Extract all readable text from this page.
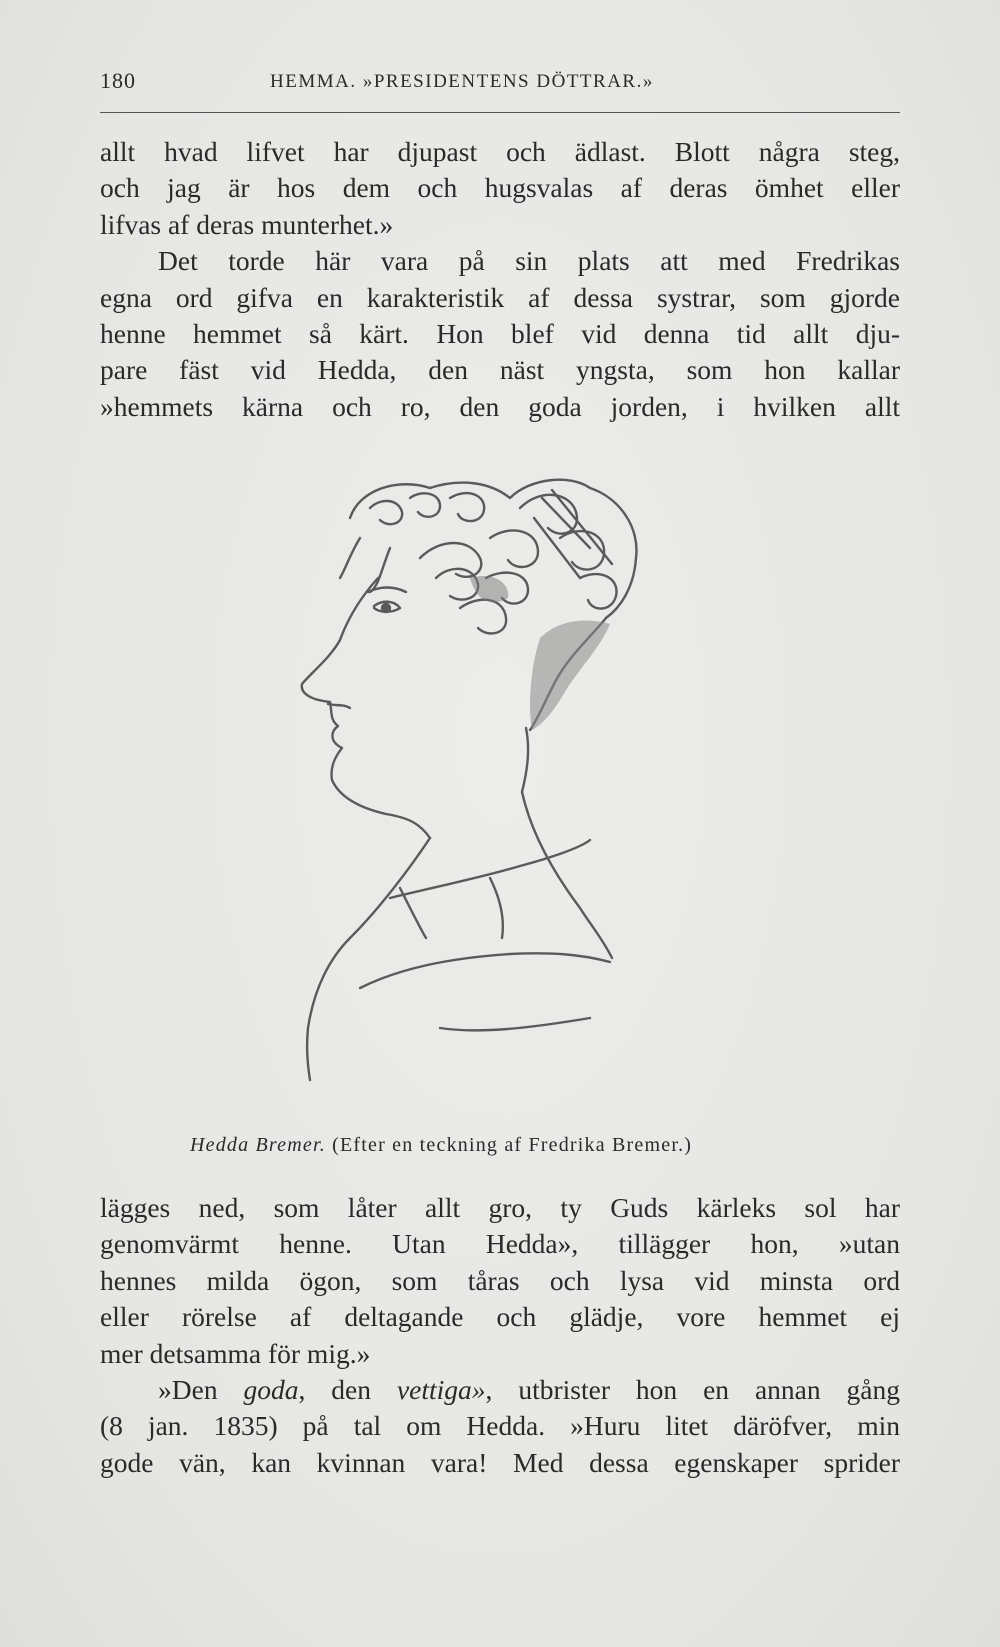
180	HEMMA. »PRESIDENTENS DÖTTRAR.»
allt hvad lifvet har djupast och ädlast. Blott några steg,
och jag är hos dem och hugsvalas af deras ömhet eller
lifvas af deras munterhet.»
Det torde här vara på sin plats att med Fredrikas
egna ord gifva en karakteristik af dessa systrar, som gjorde
henne hemmet så kärt. Hon blef vid denna tid allt dju-
pare fäst vid Hedda, den näst yngsta, som hon kallar
»hemmets kärna och ro, den goda jorden, i hvilken allt
Hedda Bremer. (Efter en teckning af Fredrika Bremer.)
lägges ned, som låter allt gro, ty Guds kärleks sol har
genomvärmt henne. Utan Hedda», tillägger hon, »utan
hennes milda ögon, som tåras och lysa vid minsta ord
eller rörelse af deltagande och glädje, vore hemmet ej
mer detsamma för mig.»
»Den goda, den vettiga», utbrister hon en annan gång
(8 jan. 1835) på tal om Hedda. »Huru litet däröfver, min
gode vän, kan kvinnan vara! Med dessa egenskaper sprider
